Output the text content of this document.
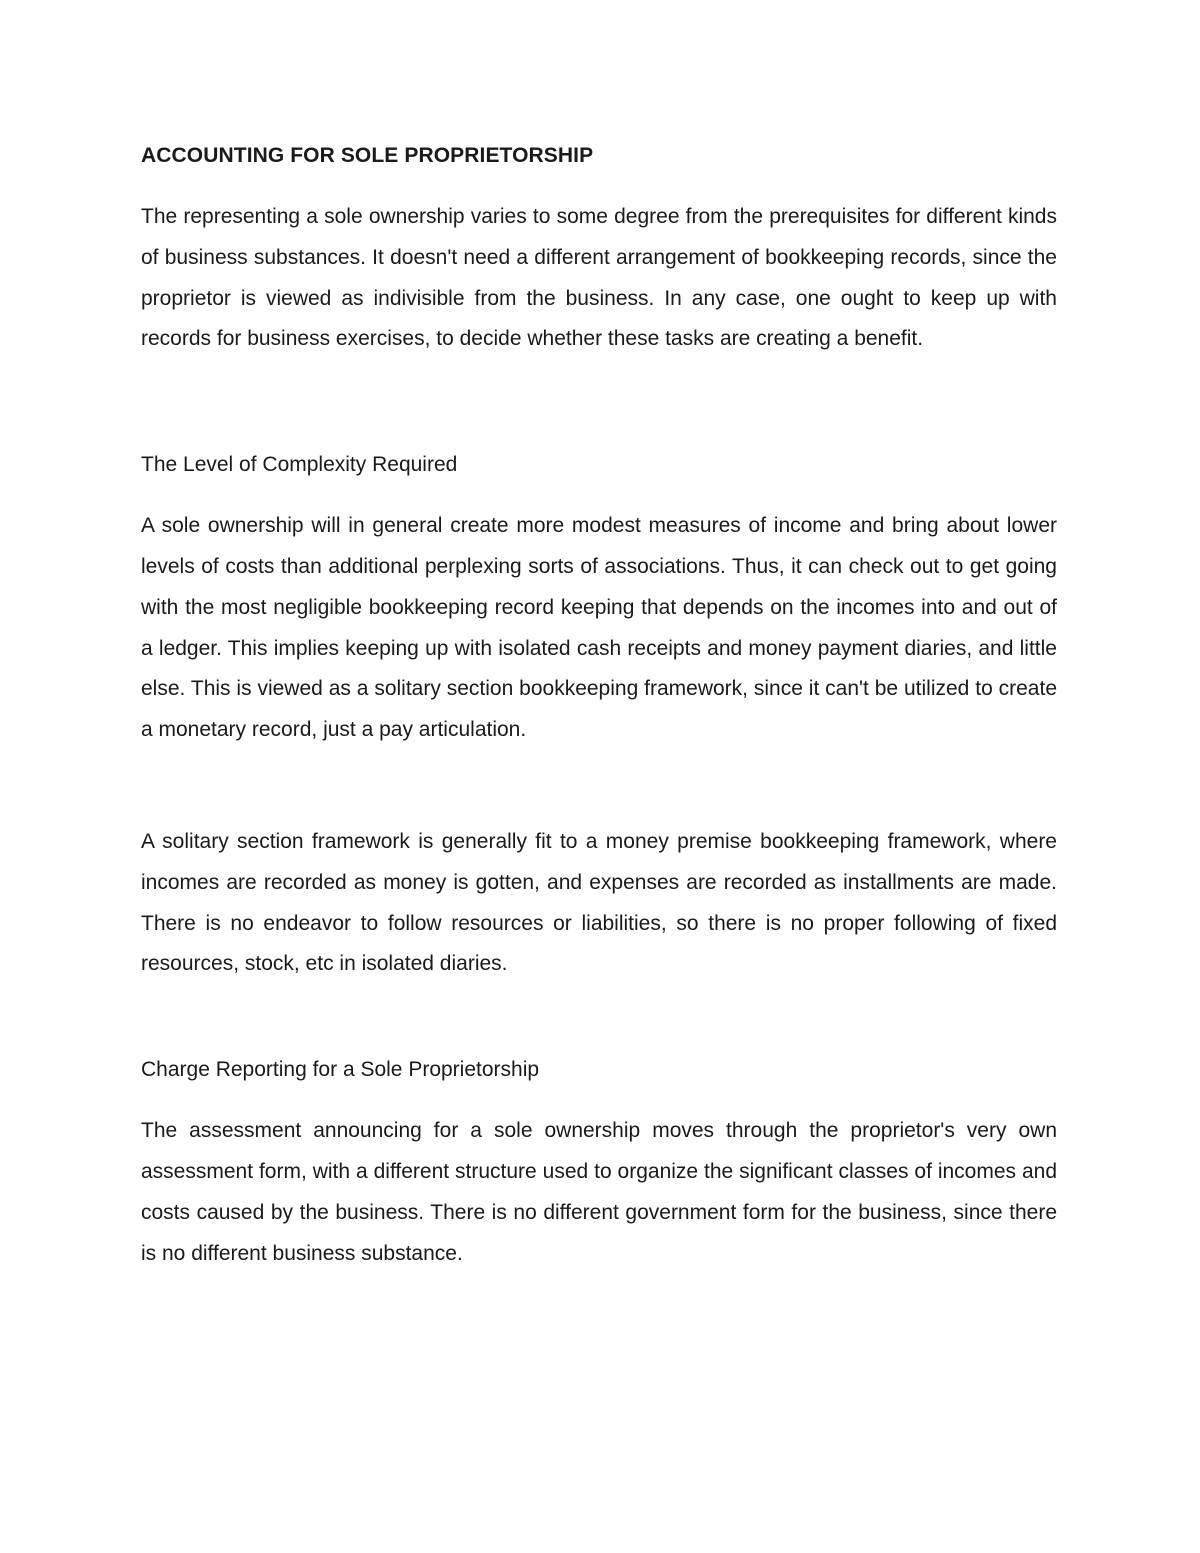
ACCOUNTING FOR SOLE PROPRIETORSHIP

The representing a sole ownership varies to some degree from the prerequisites for different kinds of business substances. It doesn't need a different arrangement of bookkeeping records, since the proprietor is viewed as indivisible from the business. In any case, one ought to keep up with records for business exercises, to decide whether these tasks are creating a benefit.

The Level of Complexity Required

A sole ownership will in general create more modest measures of income and bring about lower levels of costs than additional perplexing sorts of associations. Thus, it can check out to get going with the most negligible bookkeeping record keeping that depends on the incomes into and out of a ledger. This implies keeping up with isolated cash receipts and money payment diaries, and little else. This is viewed as a solitary section bookkeeping framework, since it can't be utilized to create a monetary record, just a pay articulation.

A solitary section framework is generally fit to a money premise bookkeeping framework, where incomes are recorded as money is gotten, and expenses are recorded as installments are made. There is no endeavor to follow resources or liabilities, so there is no proper following of fixed resources, stock, etc in isolated diaries.

Charge Reporting for a Sole Proprietorship

The assessment announcing for a sole ownership moves through the proprietor's very own assessment form, with a different structure used to organize the significant classes of incomes and costs caused by the business. There is no different government form for the business, since there is no different business substance.
